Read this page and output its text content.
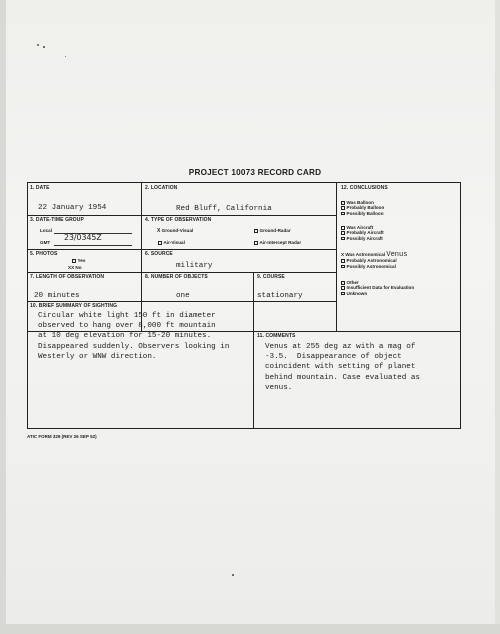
PROJECT 10073 RECORD CARD
1. DATE
22 January 1954
2. LOCATION
Red Bluff, California
3. DATE-TIME GROUP
Local
GMT
23/0345Z
4. TYPE OF OBSERVATION
X Ground-Visual	Ground-Radar
Air-Visual	Air-Intercept Radar
5. PHOTOS
Yes
XX No
6. SOURCE
military
7. LENGTH OF OBSERVATION
20 minutes
8. NUMBER OF OBJECTS
one
9. COURSE
stationary
10. BRIEF SUMMARY OF SIGHTING
Circular white light 150 ft in diameter
observed to hang over 8,000 ft mountain
at 10 deg elevation for 15-20 minutes.
Disappeared suddenly. Observers looking in
Westerly or WNW direction.
11. COMMENTS
Venus at 255 deg az with a mag of
-3.5.  Disappearance of object
coincident with setting of planet
behind mountain. Case evaluated as
venus.
12. CONCLUSIONS
Was Balloon
Probably Balloon
Possibly Balloon
Was Aircraft
Probably Aircraft
Possibly Aircraft
X Was Astronomical Venus
Probably Astronomical
Possibly Astronomical
Other
Insufficient Data for Evaluation
Unknown
ATIC FORM 329 (REV 26 SEP 52)
